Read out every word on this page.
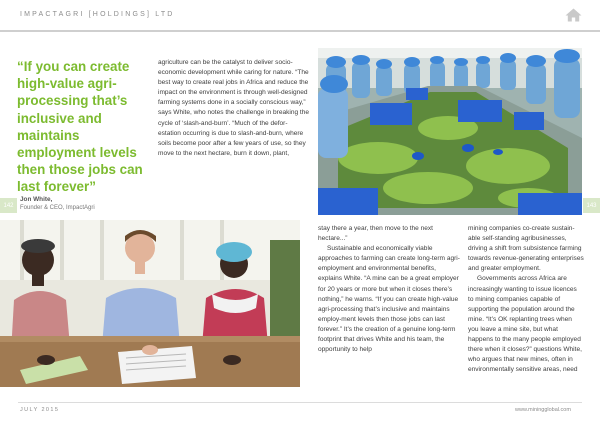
IMPACTAGRI [HOLDINGS] LTD
“If you can create high-value agri-processing that’s inclusive and maintains employment levels then those jobs can last forever”
Jon White,
Founder & CEO, ImpactAgri
142	143

agriculture can be the catalyst to deliver socio-economic development while caring for nature. “The best way to create real jobs in Africa and reduce the impact on the environment is through well-designed farming systems done in a socially conscious way,” says White, who notes the challenge in breaking the cycle of ‘slash-and-burn’. “Much of the defor-estation occurring is due to slash-and-burn, where soils become poor after a few years of use, so they move to the next hectare, burn it down, plant,

stay there a year, then move to the next hectare...”

Sustainable and economically viable approaches to farming can create long-term agri-employment and environmental benefits, explains White. “A mine can be a great employer for 20 years or more but when it closes there’s nothing,” he warns. “If you can create high-value agri-processing that’s inclusive and maintains employ-ment levels then those jobs can last forever.” It’s the creation of a genuine long-term footprint that drives White and his team, the opportunity to help

mining companies co-create sustain-able self-standing agribusinesses, driving a shift from subsistence farming towards revenue-generating enterprises and greater employment.

Governments across Africa are increasingly wanting to issue licences to mining companies capable of supporting the population around the mine. “It’s OK replanting trees when you leave a mine site, but what happens to the many people employed there when it closes?” questions White, who argues that new mines, often in environmentally sensitive areas, need

JULY 2015	www.miningglobal.com
